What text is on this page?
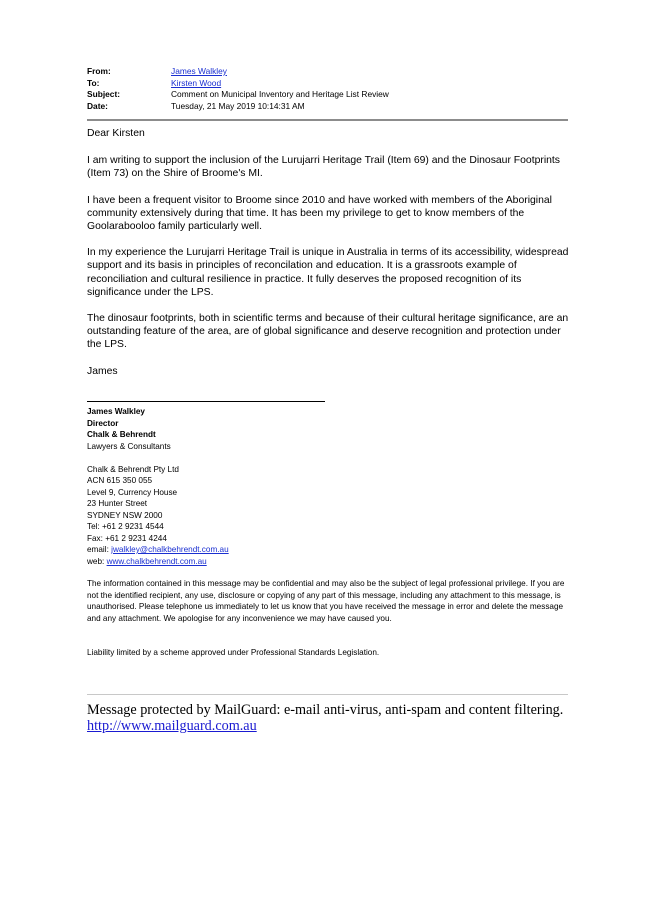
From:	James Walkley
To:	Kirsten Wood
Subject:	Comment on Municipal Inventory and Heritage List Review
Date:	Tuesday, 21 May 2019 10:14:31 AM

Dear Kirsten

I am writing to support the inclusion of the Lurujarri Heritage Trail (Item 69) and the Dinosaur Footprints (Item 73) on the Shire of Broome's MI.

I have been a frequent visitor to Broome since 2010 and have worked with members of the Aboriginal community extensively during that time. It has been my privilege to get to know members of the Goolarabooloo family particularly well.

In my experience the Lurujarri Heritage Trail is unique in Australia in terms of its accessibility, widespread support and its basis in principles of reconcilation and education. It is a grassroots example of reconciliation and cultural resilience in practice. It fully deserves the proposed recognition of its significance under the LPS.

The dinosaur footprints, both in scientific terms and because of their cultural heritage significance, are an outstanding feature of the area, are of global significance and deserve recognition and protection under the LPS.

James

James Walkley
Director
Chalk & Behrendt
Lawyers & Consultants
Chalk & Behrendt Pty Ltd
ACN 615 350 055
Level 9, Currency House
23 Hunter Street
SYDNEY NSW 2000
Tel: +61 2 9231 4544
Fax: +61 2 9231 4244
email: jwalkley@chalkbehrendt.com.au
web: www.chalkbehrendt.com.au

The information contained in this message may be confidential and may also be the subject of legal professional privilege. If you are not the identified recipient, any use, disclosure or copying of any part of this message, including any attachment to this message, is unauthorised. Please telephone us immediately to let us know that you have received the message in error and delete the message and any attachment. We apologise for any inconvenience we may have caused you.

Liability limited by a scheme approved under Professional Standards Legislation.

Message protected by MailGuard: e-mail anti-virus, anti-spam and content filtering.
http://www.mailguard.com.au
